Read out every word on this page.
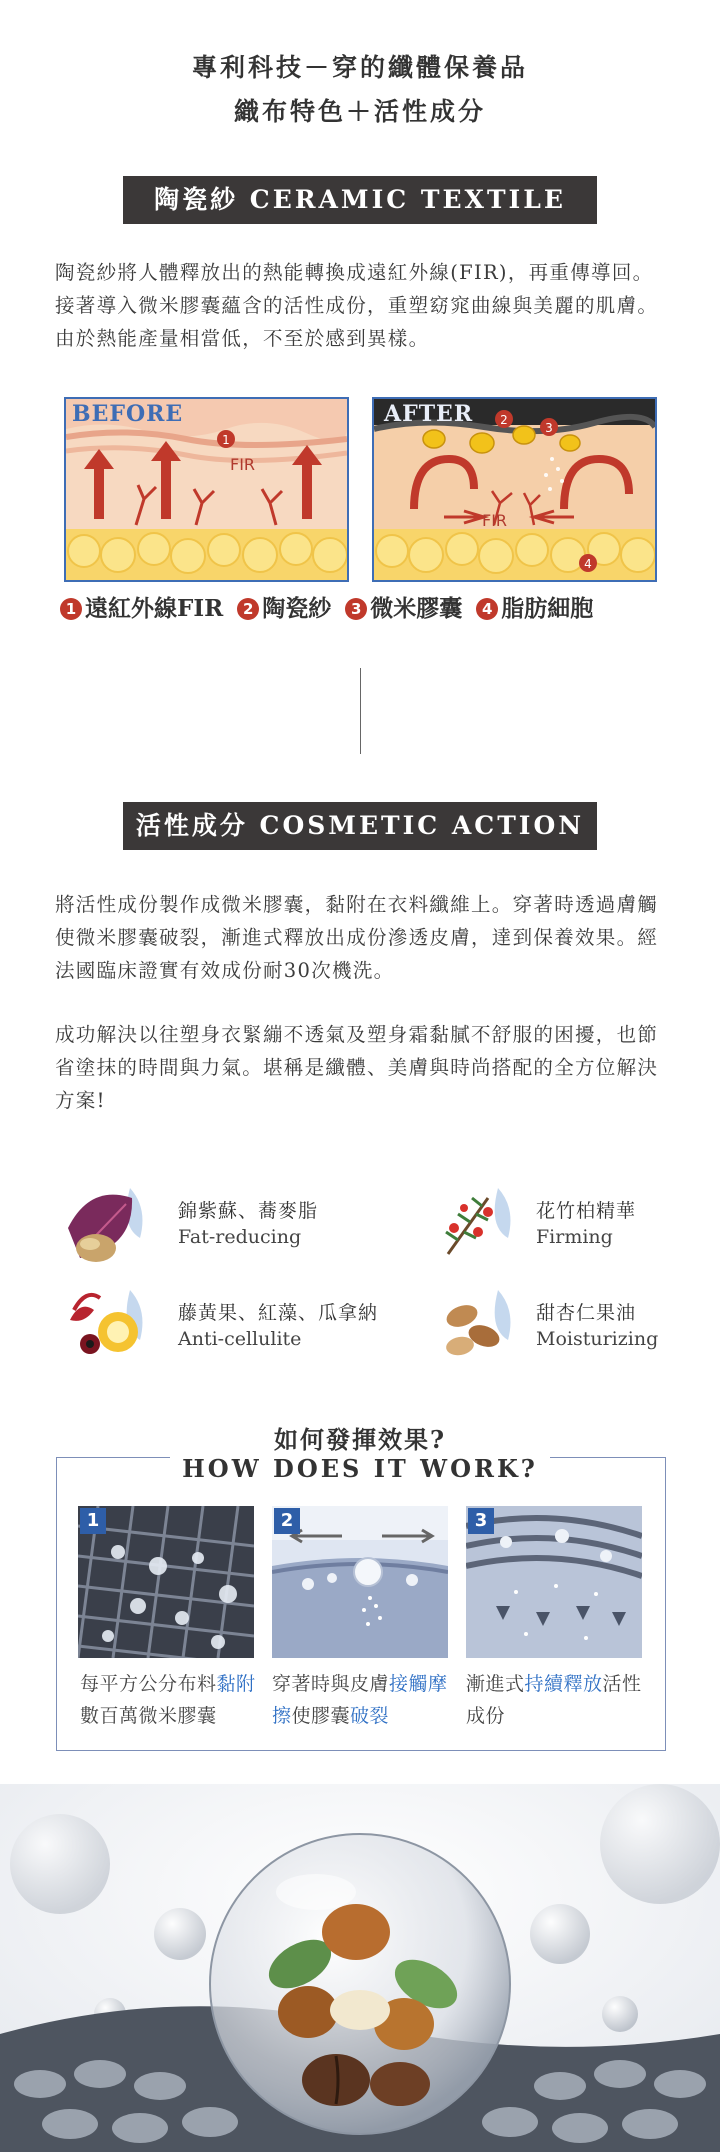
專利科技－穿的纖體保養品
織布特色＋活性成分
陶瓷紗 CERAMIC TEXTILE
陶瓷紗將人體釋放出的熱能轉換成遠紅外線(FIR)，再重傳導回。接著導入微米膠囊蘊含的活性成份，重塑窈窕曲線與美麗的肌膚。由於熱能產量相當低，不至於感到異樣。
1
BEFORE
FIR
2
3
4
AFTER
FIR
1 遠紅外線FIR 2 陶瓷紗 3 微米膠囊 4 脂肪細胞
活性成分 COSMETIC ACTION
將活性成份製作成微米膠囊，黏附在衣料纖維上。穿著時透過膚觸使微米膠囊破裂，漸進式釋放出成份滲透皮膚，達到保養效果。經法國臨床證實有效成份耐30次機洗。
成功解決以往塑身衣緊繃不透氣及塑身霜黏膩不舒服的困擾，也節省塗抹的時間與力氣。堪稱是纖體、美膚與時尚搭配的全方位解決方案!
錦紫蘇、蕎麥脂
Fat-reducing
花竹柏精華
Firming
藤黃果、紅藻、瓜拿納
Anti-cellulite
甜杏仁果油
Moisturizing
如何發揮效果?
HOW DOES IT WORK?
1
每平方公分布料黏附數百萬微米膠囊
2
穿著時與皮膚接觸摩擦使膠囊破裂
3
漸進式持續釋放活性成份
